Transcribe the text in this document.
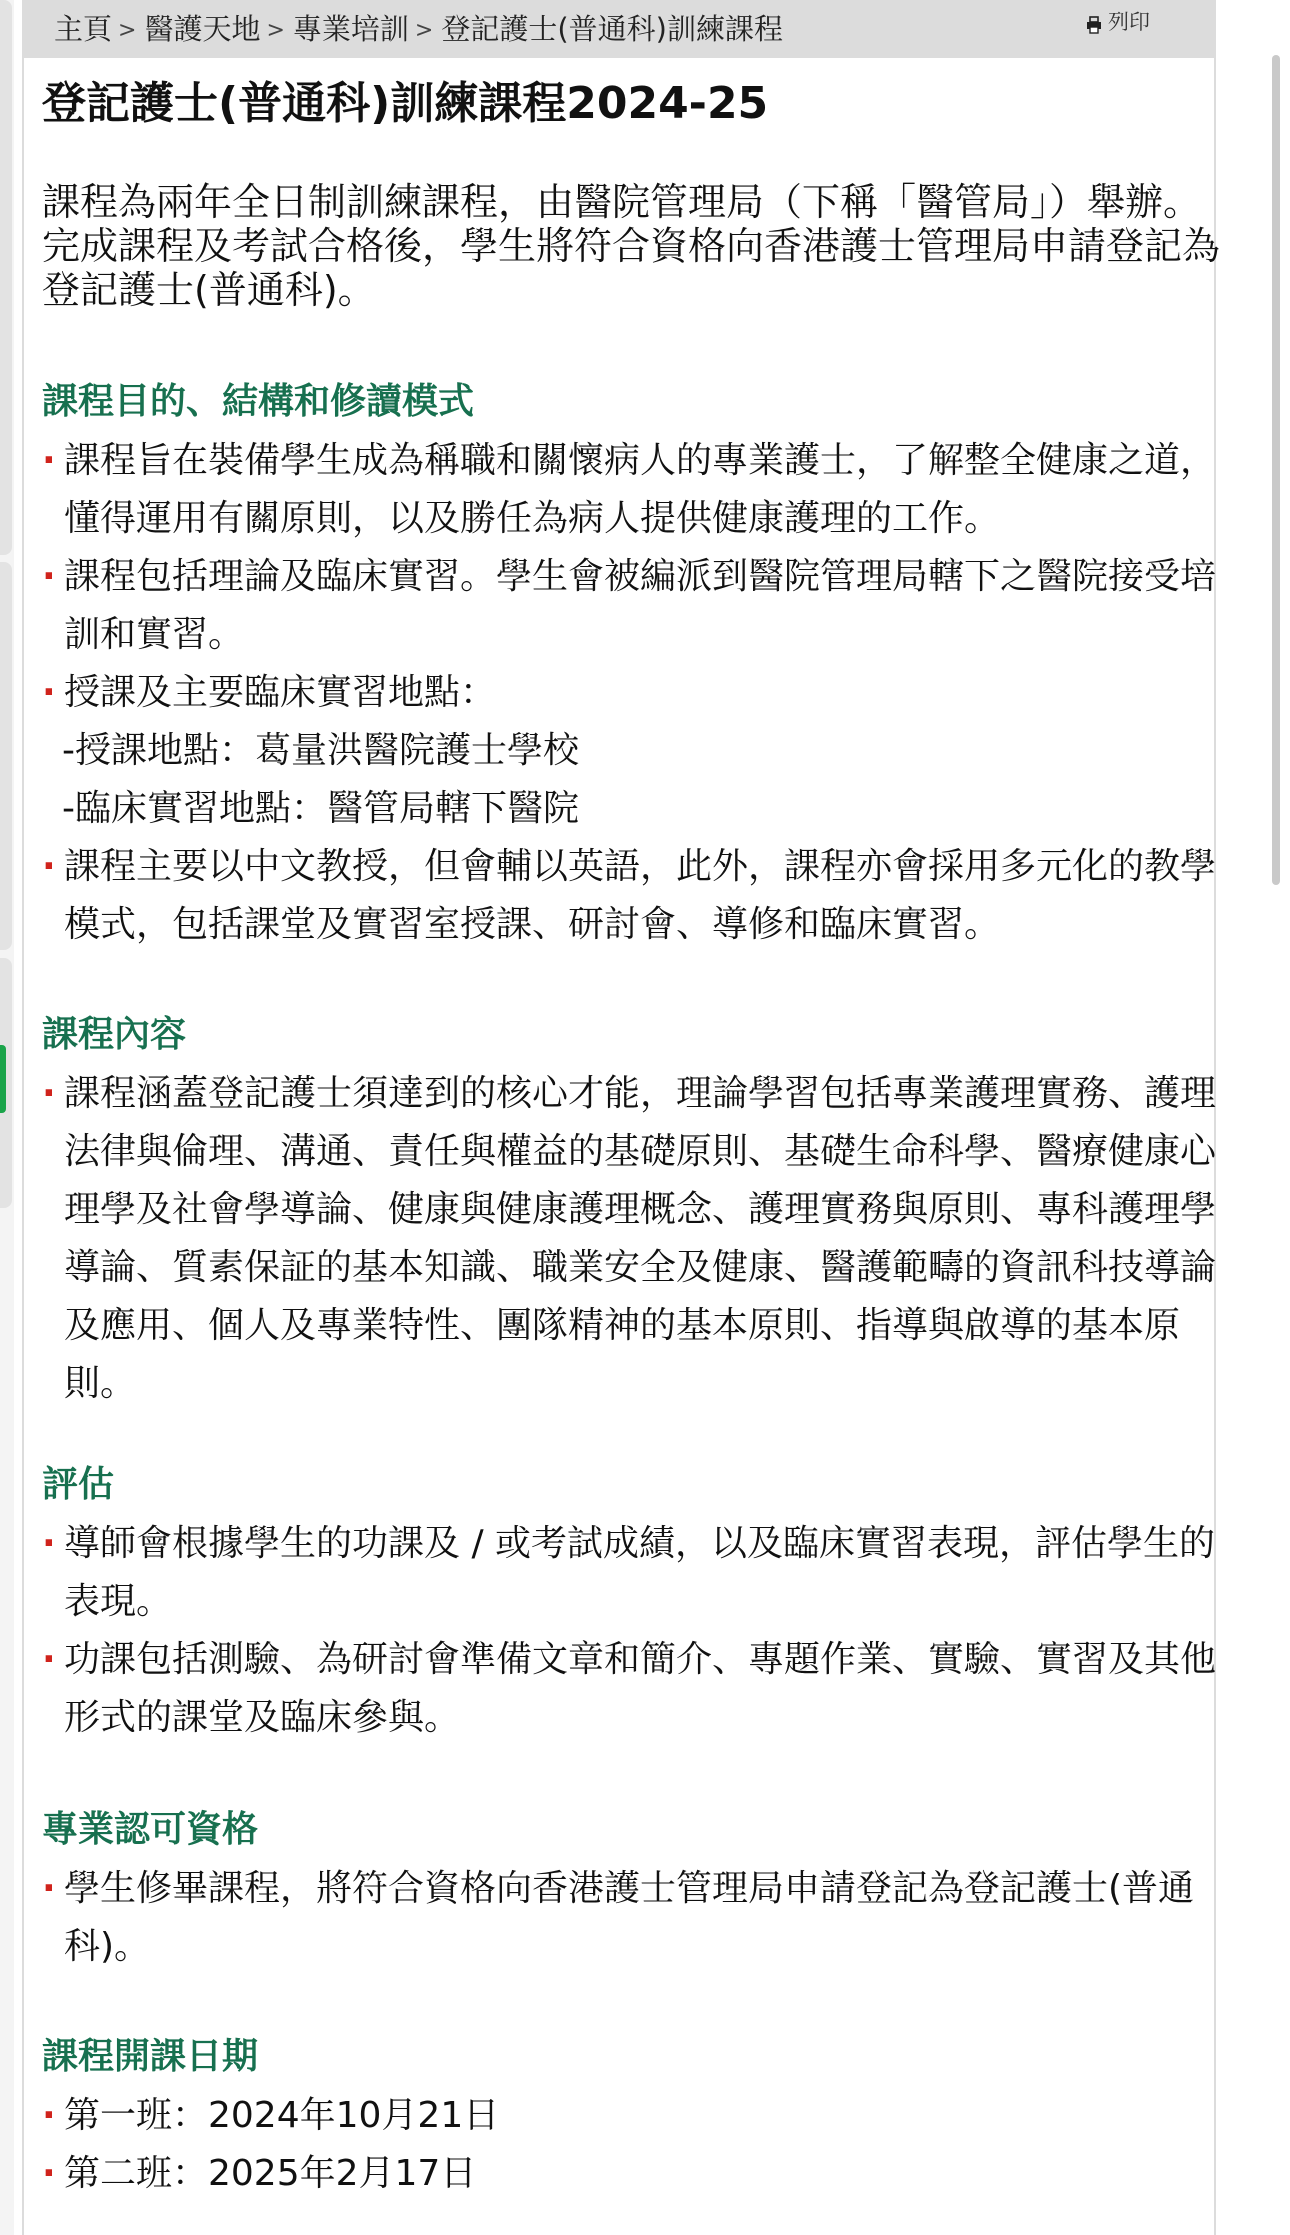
主頁 > 醫護天地 > 專業培訓 > 登記護士(普通科)訓練課程	列印
登記護士(普通科)訓練課程2024-25

課程為兩年全日制訓練課程，由醫院管理局（下稱「醫管局」）舉辦。完成課程及考試合格後，學生將符合資格向香港護士管理局申請登記為登記護士(普通科)。

課程目的、結構和修讀模式
· 課程旨在裝備學生成為稱職和關懷病人的專業護士，了解整全健康之道，懂得運用有關原則，以及勝任為病人提供健康護理的工作。
· 課程包括理論及臨床實習。學生會被編派到醫院管理局轄下之醫院接受培訓和實習。
· 授課及主要臨床實習地點：
-授課地點：葛量洪醫院護士學校
-臨床實習地點：醫管局轄下醫院
· 課程主要以中文教授，但會輔以英語，此外，課程亦會採用多元化的教學模式，包括課堂及實習室授課、研討會、導修和臨床實習。
課程內容
· 課程涵蓋登記護士須達到的核心才能，理論學習包括專業護理實務、護理法律與倫理、溝通、責任與權益的基礎原則、基礎生命科學、醫療健康心理學及社會學導論、健康與健康護理概念、護理實務與原則、專科護理學導論、質素保証的基本知識、職業安全及健康、醫護範疇的資訊科技導論及應用、個人及專業特性、團隊精神的基本原則、指導與啟導的基本原則。
評估
· 導師會根據學生的功課及 / 或考試成績，以及臨床實習表現，評估學生的表現。
· 功課包括測驗、為研討會準備文章和簡介、專題作業、實驗、實習及其他形式的課堂及臨床參與。
專業認可資格
· 學生修畢課程，將符合資格向香港護士管理局申請登記為登記護士(普通科)。
課程開課日期
· 第一班：2024年10月21日
· 第二班：2025年2月17日
